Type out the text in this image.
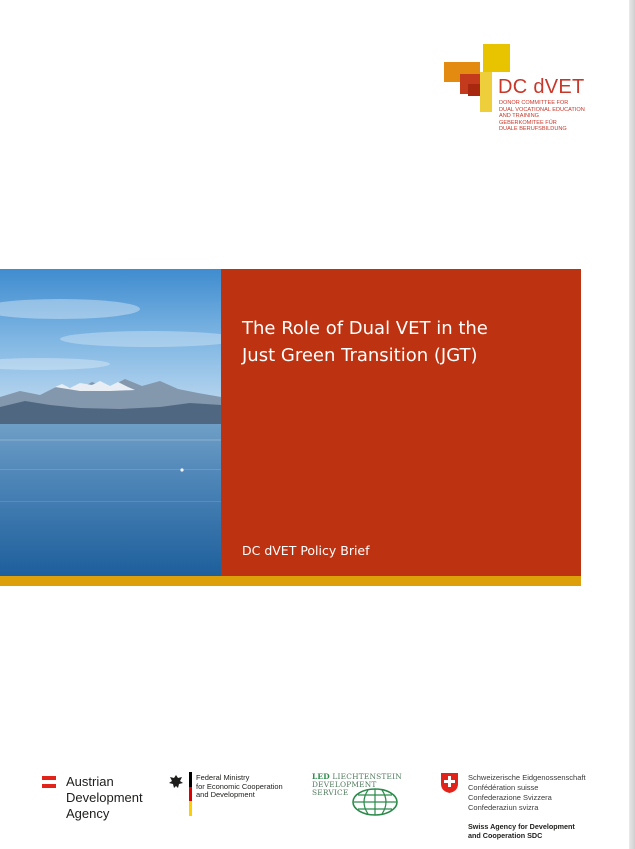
DC dVET
DONOR COMMITTEE FOR
DUAL VOCATIONAL EDUCATION
AND TRAINING
GEBERKOMITEE FÜR
DUALE BERUFSBILDUNG
The Role of Dual VET in the
Just Green Transition (JGT)
DC dVET Policy Brief
Austrian
Development
Agency
Federal Ministry
for Economic Cooperation
and Development
LED LIECHTENSTEIN
DEVELOPMENT
SERVICE
Schweizerische Eidgenossenschaft
Confédération suisse
Confederazione Svizzera
Confederaziun svizra
Swiss Agency for Development
and Cooperation SDC
